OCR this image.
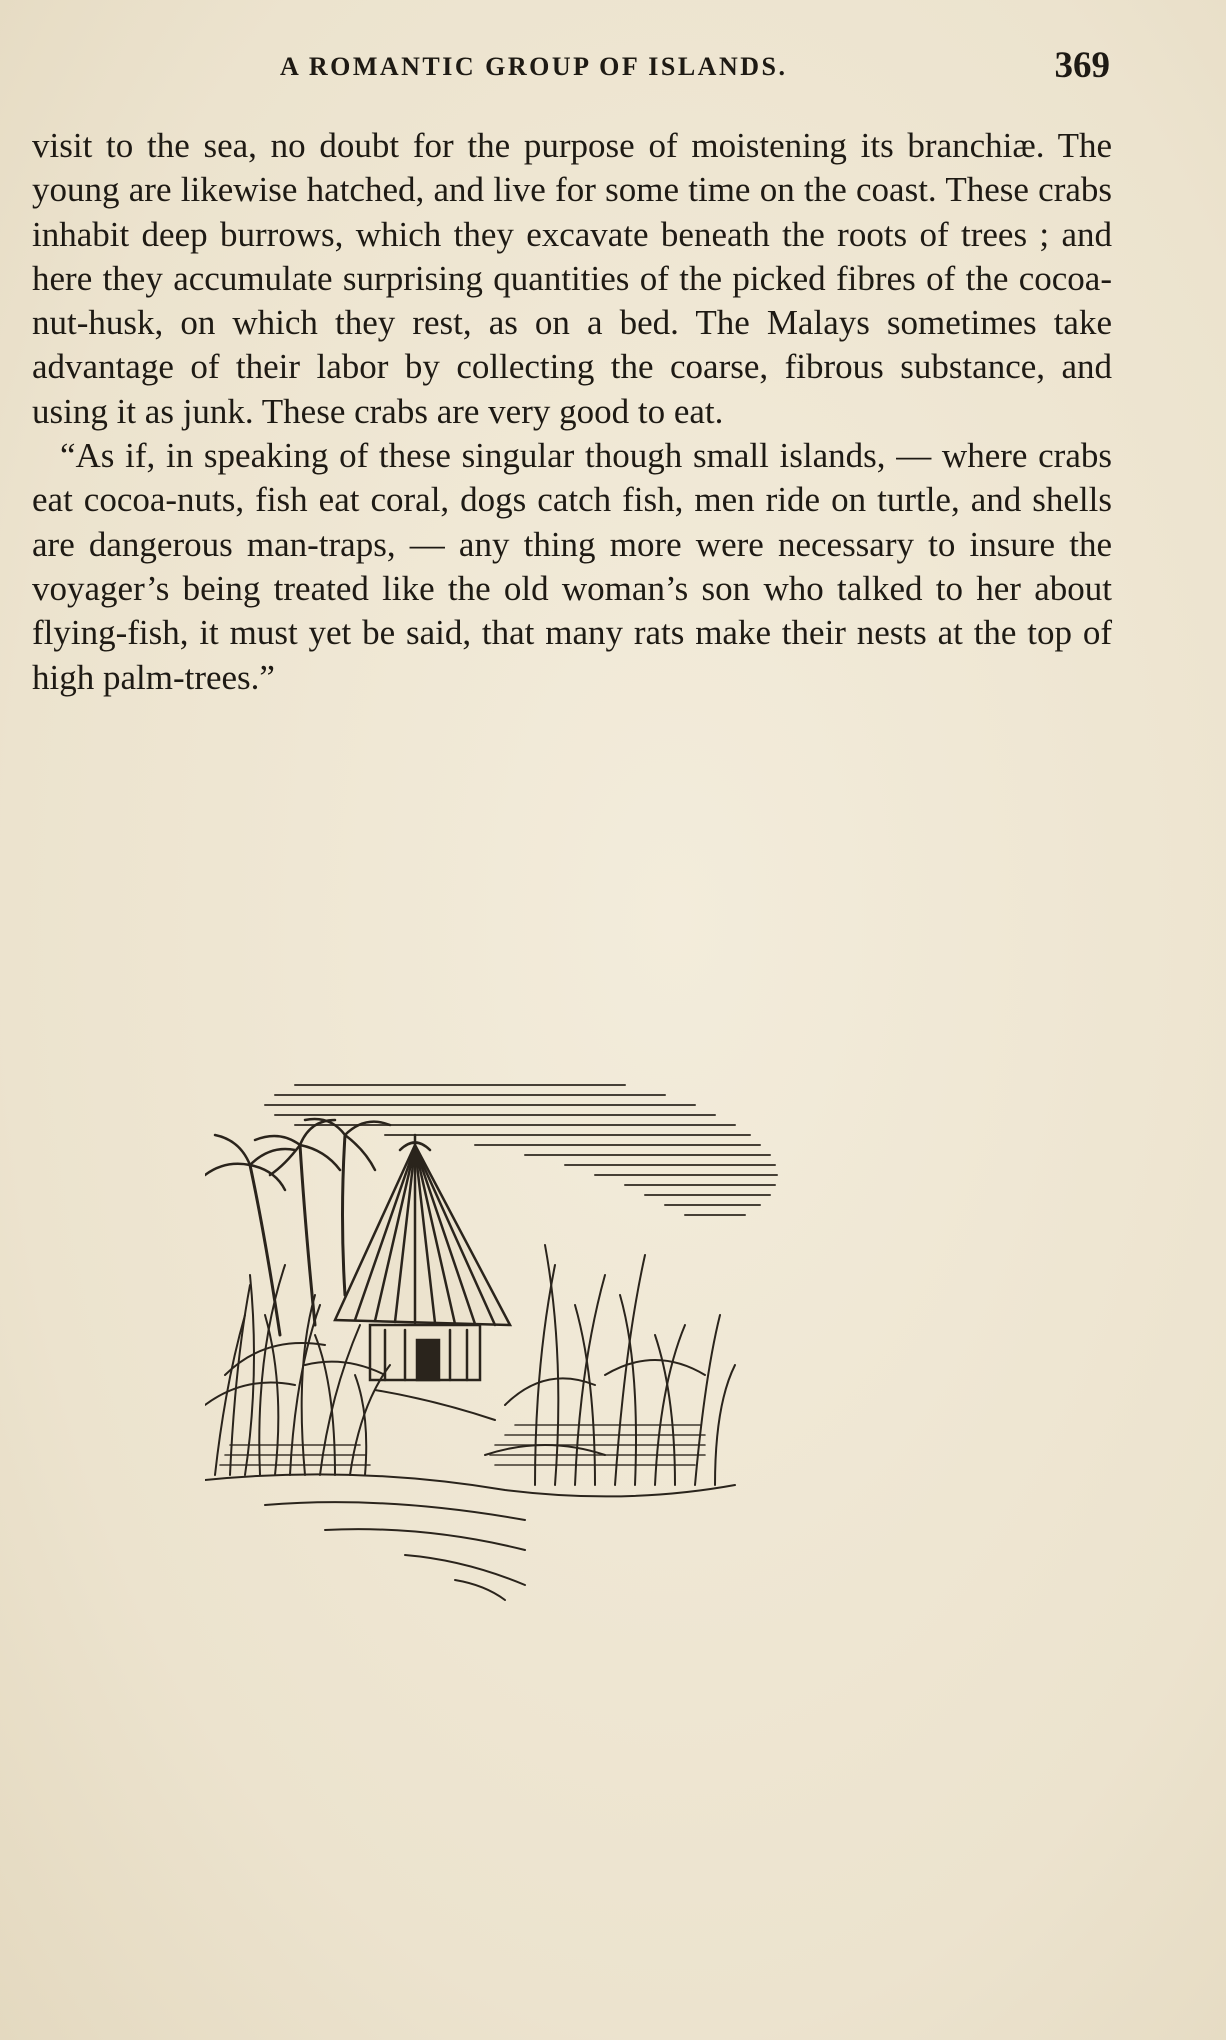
A ROMANTIC GROUP OF ISLANDS.	369

visit to the sea, no doubt for the purpose of moistening its branchiæ. The young are likewise hatched, and live for some time on the coast. These crabs inhabit deep burrows, which they excavate beneath the roots of trees ; and here they accumulate surprising quantities of the picked fibres of the cocoa-nut-husk, on which they rest, as on a bed. The Malays sometimes take advantage of their labor by collecting the coarse, fibrous substance, and using it as junk. These crabs are very good to eat.

“As if, in speaking of these singular though small islands, — where crabs eat cocoa-nuts, fish eat coral, dogs catch fish, men ride on turtle, and shells are dangerous man-traps, — any thing more were necessary to insure the voyager’s being treated like the old woman’s son who talked to her about flying-fish, it must yet be said, that many rats make their nests at the top of high palm-trees.”
